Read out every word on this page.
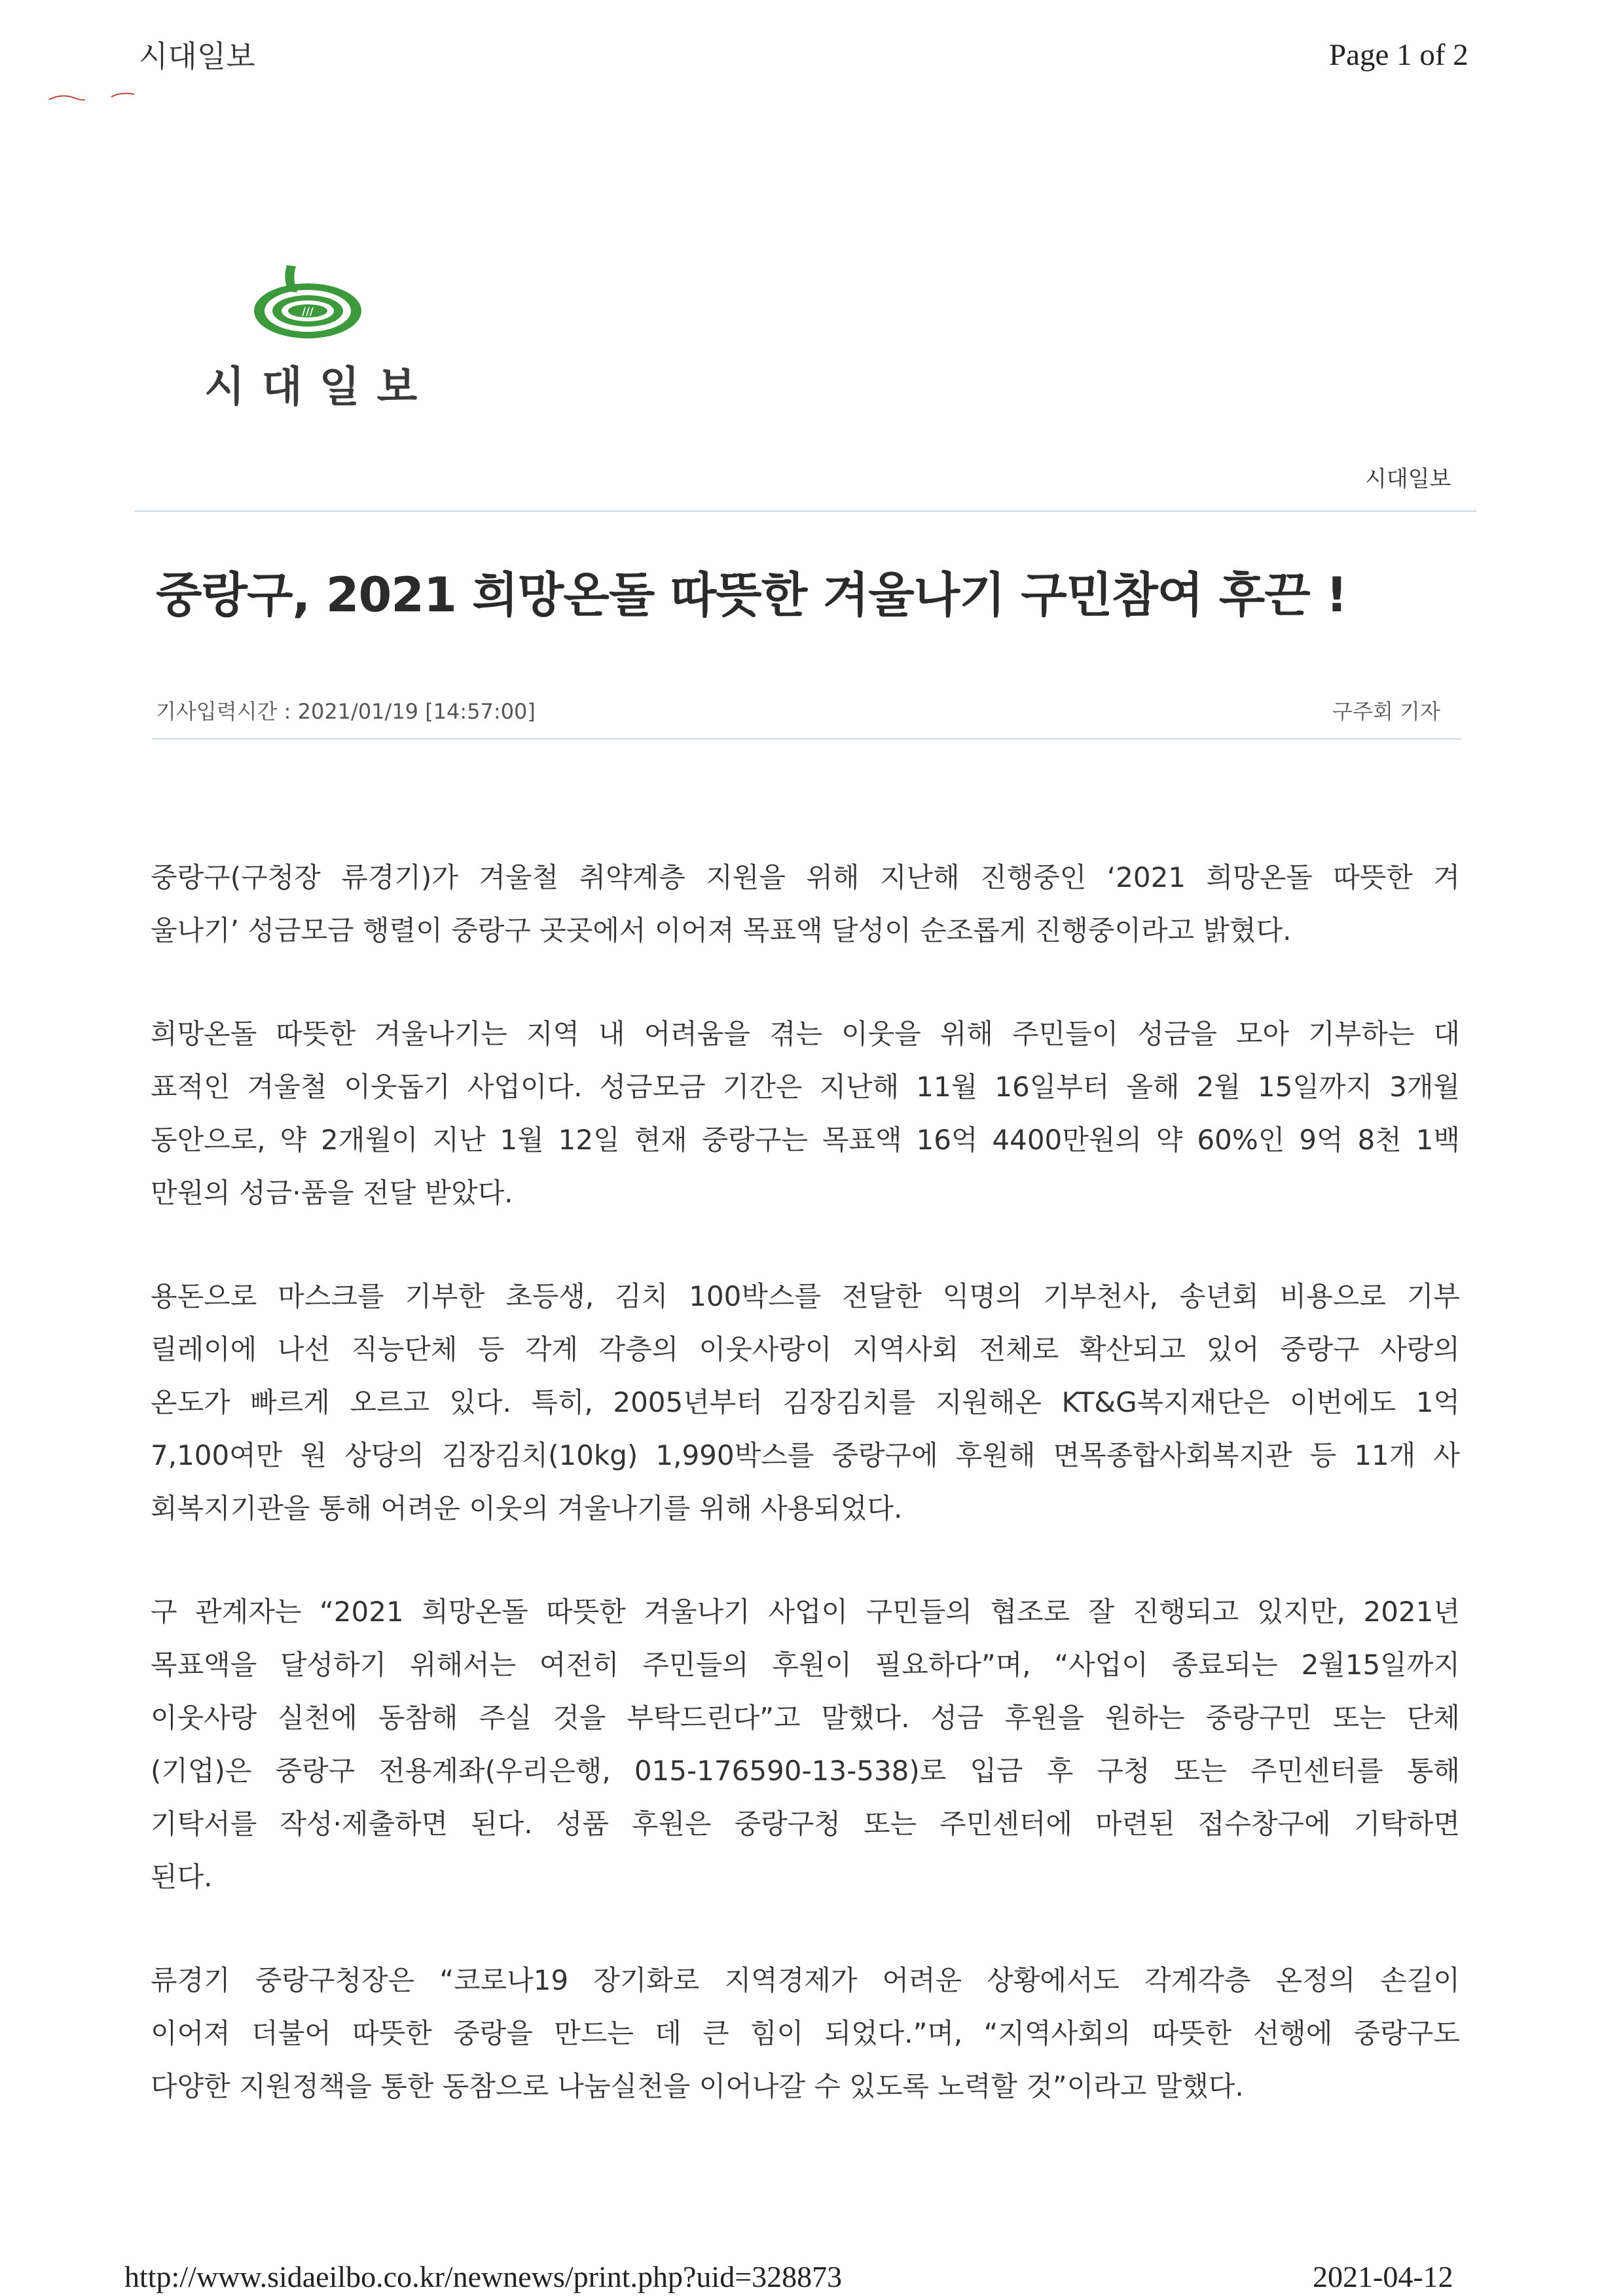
시대일보	Page 1 of 2
///
시대일보
시대일보
중랑구, 2021 희망온돌 따뜻한 겨울나기 구민참여 후끈 !
기사입력시간 : 2021/01/19 [14:57:00]	구주회 기자
중랑구(구청장 류경기)가 겨울철 취약계층 지원을 위해 지난해 진행중인 ‘2021 희망온돌 따뜻한 겨
울나기’ 성금모금 행렬이 중랑구 곳곳에서 이어져 목표액 달성이 순조롭게 진행중이라고 밝혔다.
희망온돌 따뜻한 겨울나기는 지역 내 어려움을 겪는 이웃을 위해 주민들이 성금을 모아 기부하는 대
표적인 겨울철 이웃돕기 사업이다. 성금모금 기간은 지난해 11월 16일부터 올해 2월 15일까지 3개월
동안으로, 약 2개월이 지난 1월 12일 현재 중랑구는 목표액 16억 4400만원의 약 60%인 9억 8천 1백
만원의 성금·품을 전달 받았다.
용돈으로 마스크를 기부한 초등생, 김치 100박스를 전달한 익명의 기부천사, 송년회 비용으로 기부
릴레이에 나선 직능단체 등 각계 각층의 이웃사랑이 지역사회 전체로 확산되고 있어 중랑구 사랑의
온도가 빠르게 오르고 있다. 특히, 2005년부터 김장김치를 지원해온 KT&G복지재단은 이번에도 1억
7,100여만 원 상당의 김장김치(10kg) 1,990박스를 중랑구에 후원해 면목종합사회복지관 등 11개 사
회복지기관을 통해 어려운 이웃의 겨울나기를 위해 사용되었다.
구 관계자는 “2021 희망온돌 따뜻한 겨울나기 사업이 구민들의 협조로 잘 진행되고 있지만, 2021년
목표액을 달성하기 위해서는 여전히 주민들의 후원이 필요하다”며, “사업이 종료되는 2월15일까지
이웃사랑 실천에 동참해 주실 것을 부탁드린다”고 말했다. 성금 후원을 원하는 중랑구민 또는 단체
(기업)은 중랑구 전용계좌(우리은행, 015-176590-13-538)로 입금 후 구청 또는 주민센터를 통해
기탁서를 작성·제출하면 된다. 성품 후원은 중랑구청 또는 주민센터에 마련된 접수창구에 기탁하면
된다.
류경기 중랑구청장은 “코로나19 장기화로 지역경제가 어려운 상황에서도 각계각층 온정의 손길이
이어져 더불어 따뜻한 중랑을 만드는 데 큰 힘이 되었다.”며, “지역사회의 따뜻한 선행에 중랑구도
다양한 지원정책을 통한 동참으로 나눔실천을 이어나갈 수 있도록 노력할 것”이라고 말했다.
http://www.sidaeilbo.co.kr/newnews/print.php?uid=328873	2021-04-12
